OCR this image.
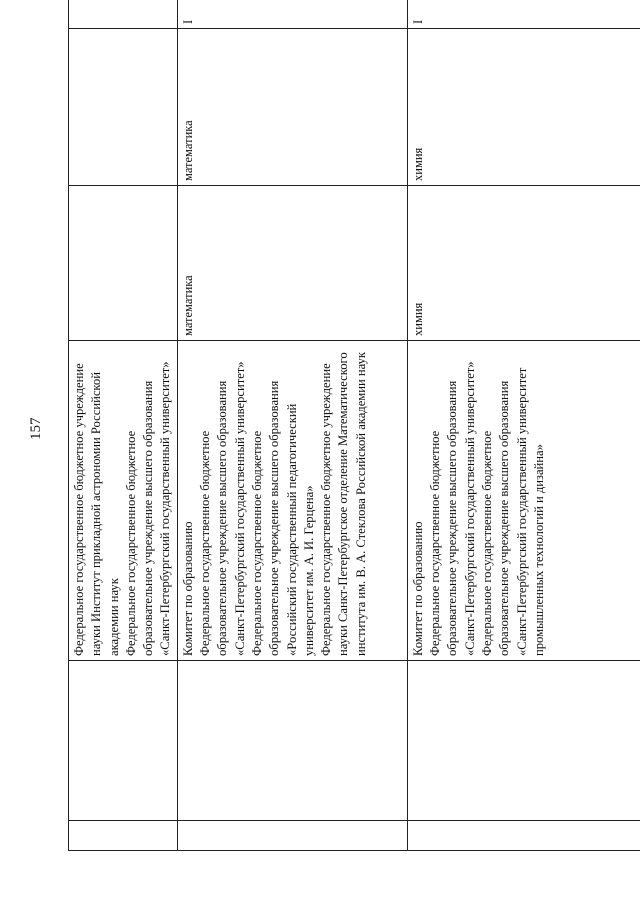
157

		Федеральное государственное бюджетное учреждение науки Институт прикладной астрономии Российской академии наук Федеральное государственное бюджетное образовательное учреждение высшего образования «Санкт-Петербургский государственный университет»			

		Комитет по образованию Федеральное государственное бюджетное образовательное учреждение высшего образования «Санкт-Петербургский государственный университет» Федеральное государственное бюджетное образовательное учреждение высшего образования «Российский государственный педагогический университет им. А. И. Герцена» Федеральное государственное бюджетное учреждение науки Санкт-Петербургское отделение Математического института им. В. А. Стеклова Российской академии наук	математика	математика	I

		Комитет по образованию Федеральное государственное бюджетное образовательное учреждение высшего образования «Санкт-Петербургский государственный университет» Федеральное государственное бюджетное образовательное учреждение высшего образования «Санкт-Петербургский государственный университет промышленных технологий и дизайна»	химия	химия	I
